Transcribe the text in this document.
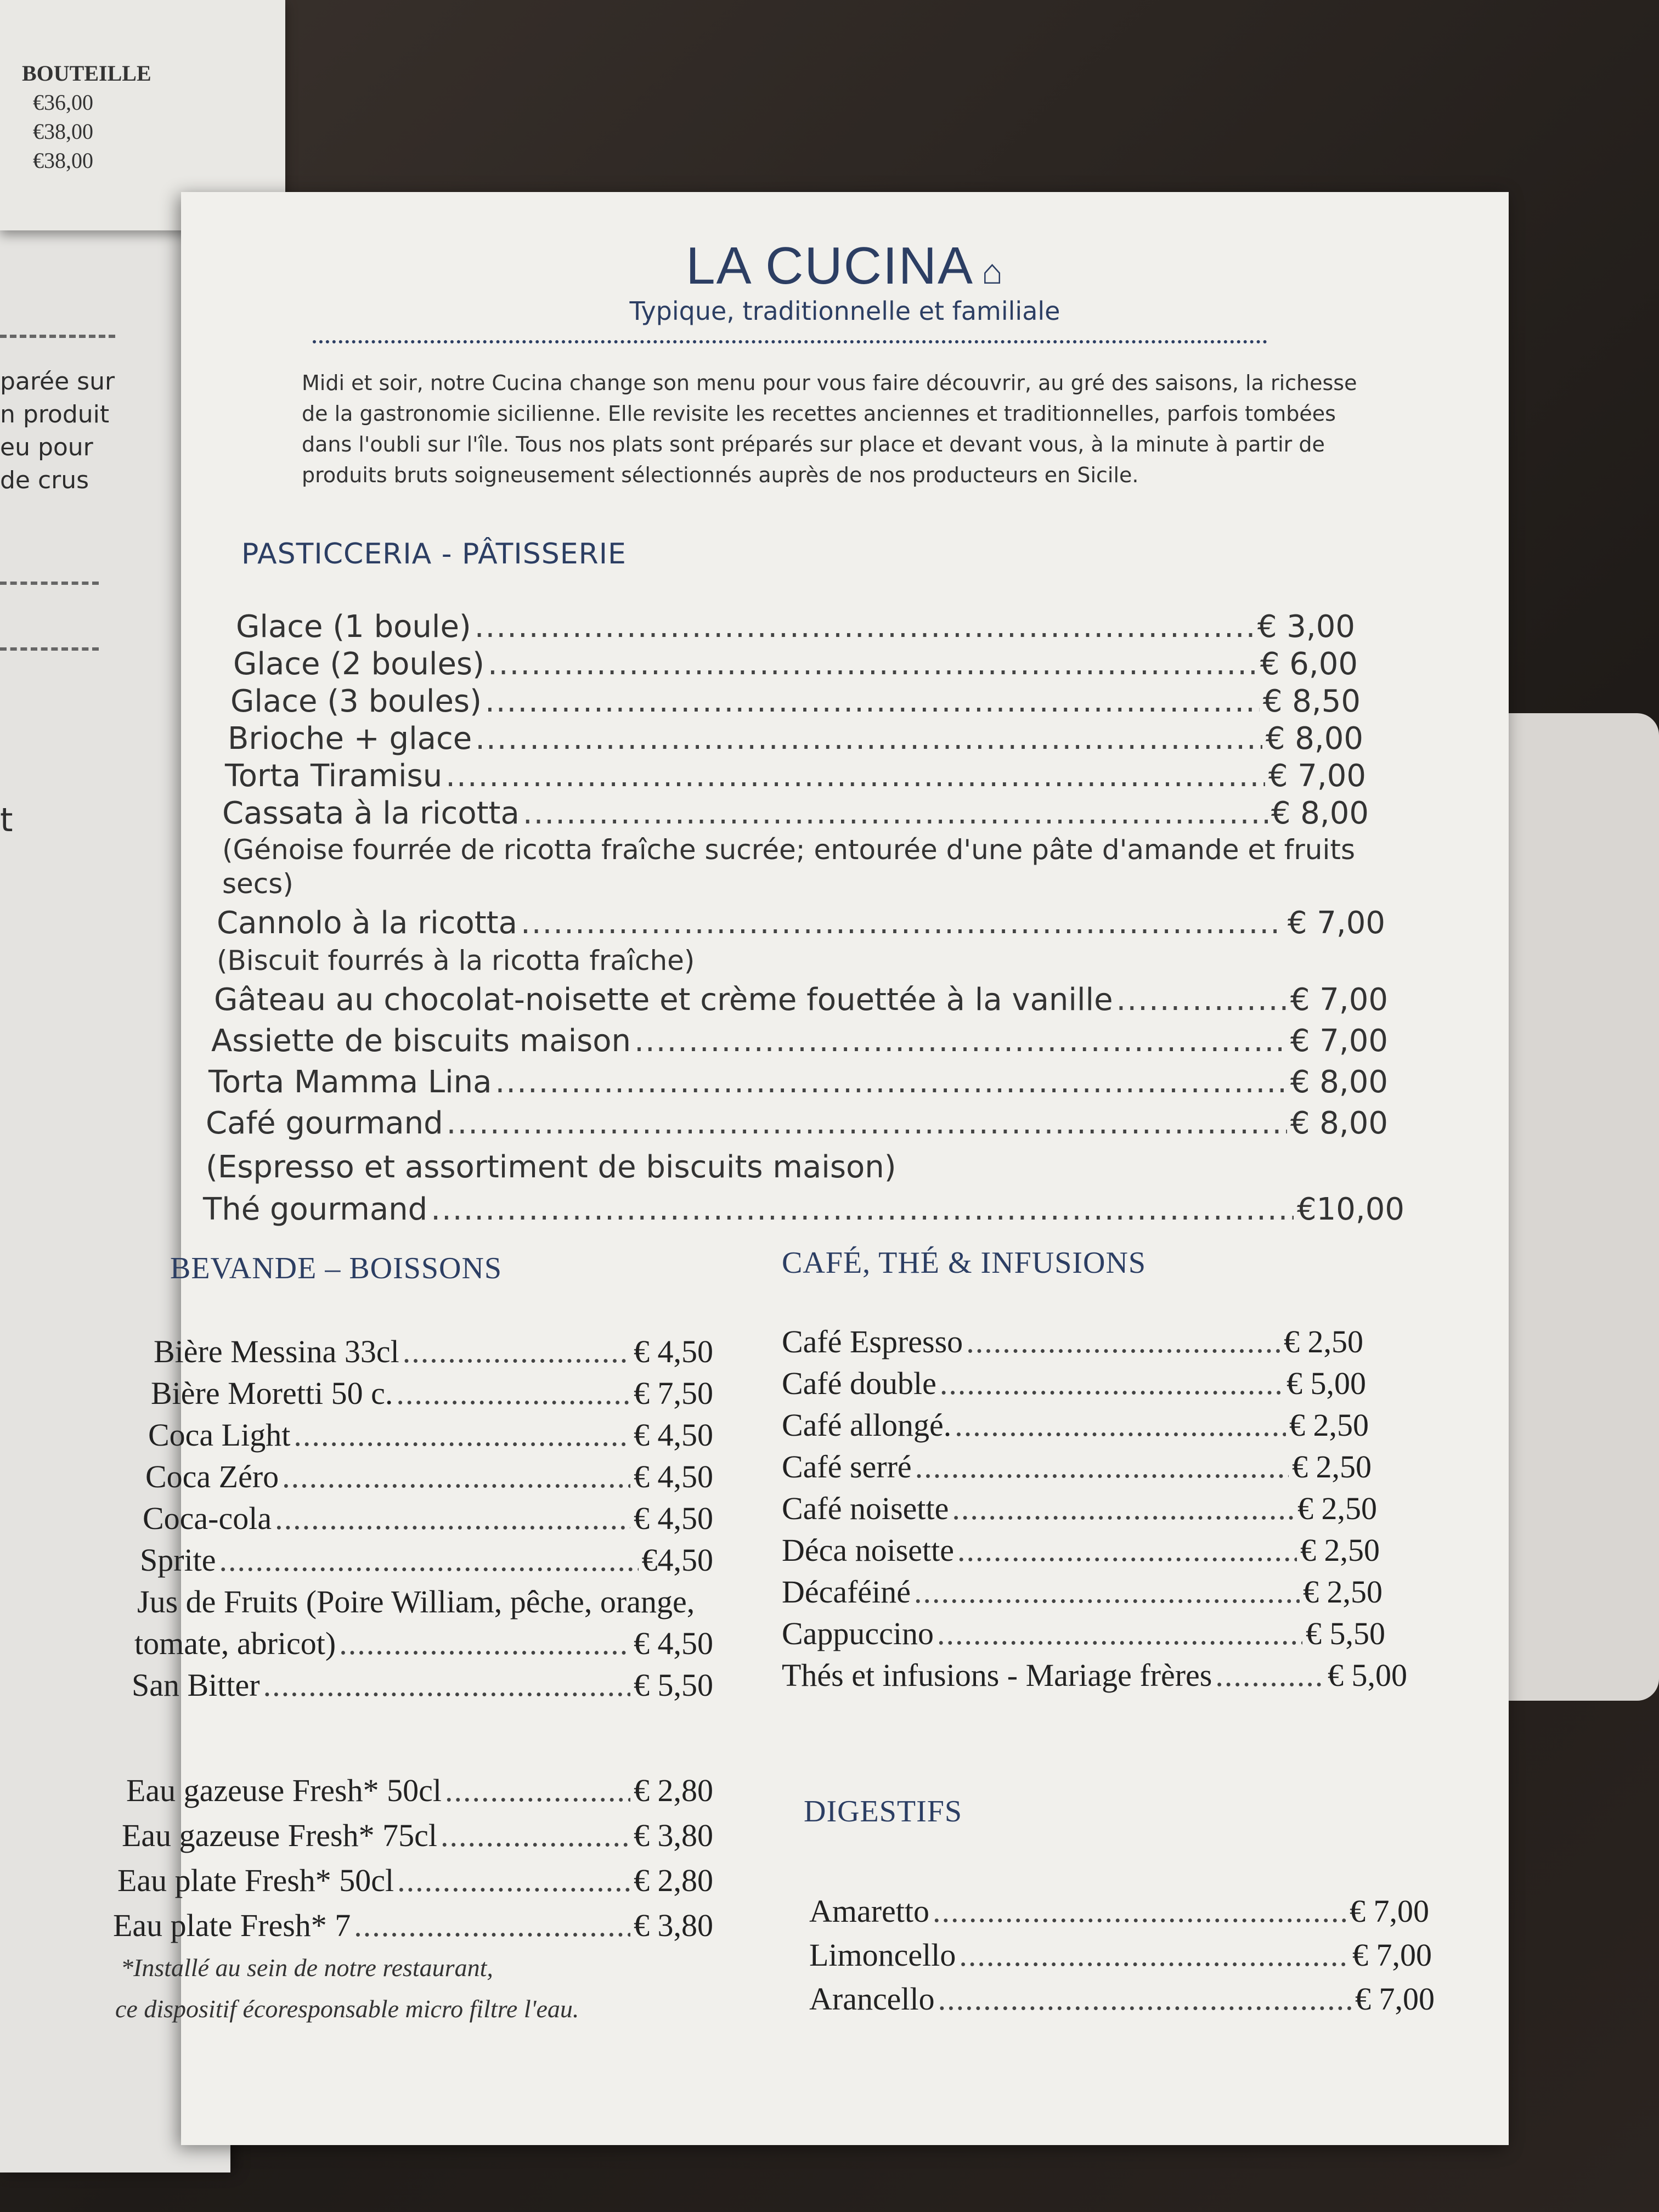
parée sur
n produit
eu pour
de crus
t
BOUTEILLE
€36,00
€38,00
€38,00
LA CUCINA ⌂
Typique, traditionnelle et familiale
Midi et soir, notre Cucina change son menu pour vous faire découvrir, au gré des saisons, la richesse de la gastronomie sicilienne. Elle revisite les recettes anciennes et traditionnelles, parfois tombées dans l'oubli sur l'île. Tous nos plats sont préparés sur place et devant vous, à la minute à partir de produits bruts soigneusement sélectionnés auprès de nos producteurs en Sicile.
PASTICCERIA - PÂTISSERIE
Glace (1 boule) .....	€ 3,00
Glace (2 boules) .....	€ 6,00
Glace (3 boules) .....	€ 8,50
Brioche + glace .....	€ 8,00
Torta Tiramisu .....	€ 7,00
Cassata à la ricotta .....	€ 8,00
(Génoise fourrée de ricotta fraîche sucrée; entourée d'une pâte d'amande et fruits secs)
Cannolo à la ricotta .....	€ 7,00
(Biscuit fourrés à la ricotta fraîche)
Gâteau au chocolat-noisette et crème fouettée à la vanille .....	€ 7,00
Assiette de biscuits maison .....	€ 7,00
Torta Mamma Lina .....	€ 8,00
Café gourmand .....	€ 8,00
(Espresso et assortiment de biscuits maison)
Thé gourmand .....	€10,00
BEVANDE – BOISSONS
Bière Messina 33cl .....	€ 4,50
Bière Moretti 50 c. .....	€ 7,50
Coca Light .....	€ 4,50
Coca Zéro .....	€ 4,50
Coca-cola .....	€ 4,50
Sprite .....	€4,50
Jus de Fruits (Poire William, pêche, orange,
tomate, abricot) .....	€ 4,50
San Bitter .....	€ 5,50
Eau gazeuse Fresh* 50cl .....	€ 2,80
Eau gazeuse Fresh* 75cl .....	€ 3,80
Eau plate Fresh* 50cl .....	€ 2,80
Eau plate Fresh* 7 .....	€ 3,80
*Installé au sein de notre restaurant,
ce dispositif écoresponsable micro filtre l'eau.
CAFÉ, THÉ & INFUSIONS
Café Espresso .....	€ 2,50
Café double .....	€ 5,00
Café allongé. .....	€ 2,50
Café serré .....	€ 2,50
Café noisette .....	€ 2,50
Déca noisette .....	€ 2,50
Décaféiné .....	€ 2,50
Cappuccino .....	€ 5,50
Thés et infusions - Mariage frères .....	€ 5,00
DIGESTIFS
Amaretto .....	€ 7,00
Limoncello .....	€ 7,00
Arancello .....	€ 7,00
